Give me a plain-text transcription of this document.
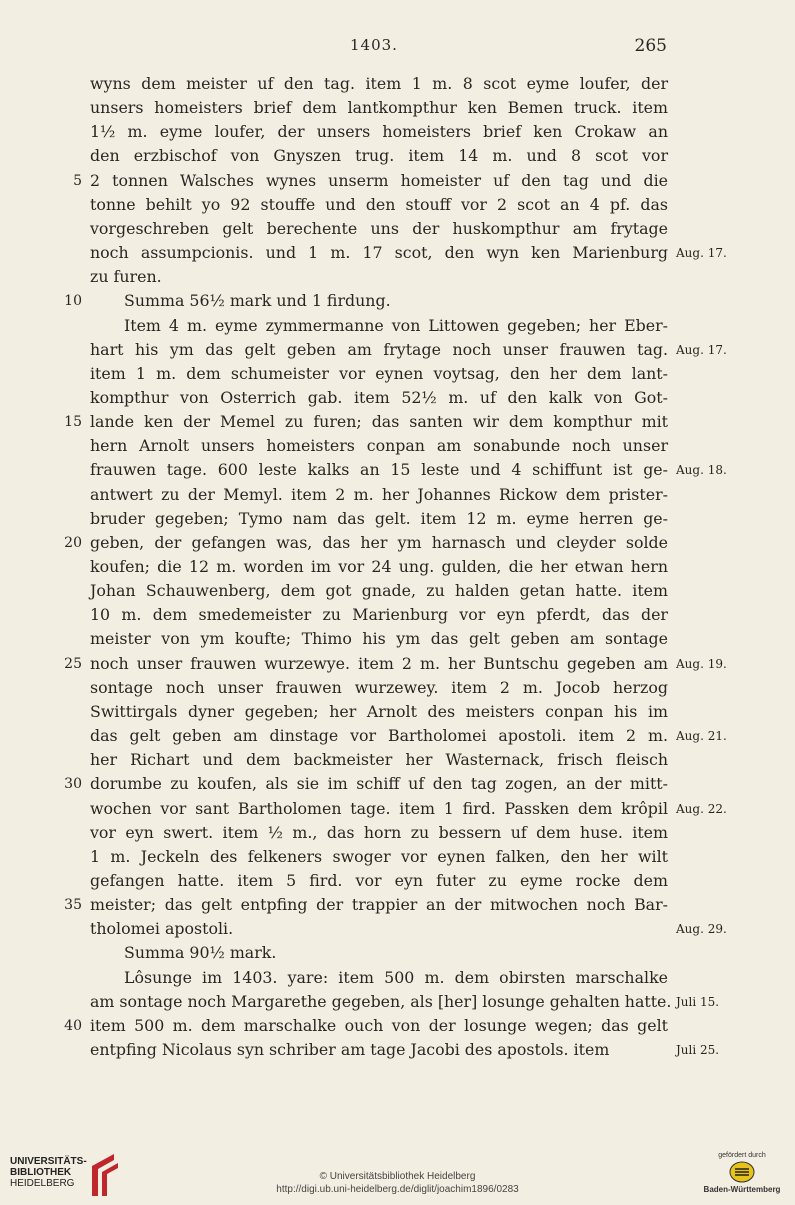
1403.	265
wyns dem meister uf den tag. item 1 m. 8 scot eyme loufer, der
unsers homeisters brief dem lantkompthur ken Bemen truck. item
1½ m. eyme loufer, der unsers homeisters brief ken Crokaw an
den erzbischof von Gnyszen trug. item 14 m. und 8 scot vor
2 tonnen Walsches wynes unserm homeister uf den tag und die
5
tonne behilt yo 92 stouffe und den stouff vor 2 scot an 4 pf. das
vorgeschreben gelt berechente uns der huskompthur am frytage
noch assumpcionis. und 1 m. 17 scot, den wyn ken Marienburg Aug. 17.
zu furen.
Summa 56½ mark und 1 firdung.
10
Item 4 m. eyme zymmermanne von Littowen gegeben; her Eber-
hart his ym das gelt geben am frytage noch unser frauwen tag. Aug. 17.
item 1 m. dem schumeister vor eynen voytsag, den her dem lant-
kompthur von Osterrich gab. item 52½ m. uf den kalk von Got-
lande ken der Memel zu furen; das santen wir dem kompthur mit
15
hern Arnolt unsers homeisters conpan am sonabunde noch unser
frauwen tage. 600 leste kalks an 15 leste und 4 schiffunt ist ge- Aug. 18.
antwert zu der Memyl. item 2 m. her Johannes Rickow dem prister-
bruder gegeben; Tymo nam das gelt. item 12 m. eyme herren ge-
geben, der gefangen was, das her ym harnasch und cleyder solde
20
koufen; die 12 m. worden im vor 24 ung. gulden, die her etwan hern
Johan Schauwenberg, dem got gnade, zu halden getan hatte. item
10 m. dem smedemeister zu Marienburg vor eyn pferdt, das der
meister von ym koufte; Thimo his ym das gelt geben am sontage
noch unser frauwen wurzewye. item 2 m. her Buntschu gegeben am
25	Aug. 19.
sontage noch unser frauwen wurzewey. item 2 m. Jocob herzog
Swittirgals dyner gegeben; her Arnolt des meisters conpan his im
das gelt geben am dinstage vor Bartholomei apostoli. item 2 m. Aug. 21.
her Richart und dem backmeister her Wasternack, frisch fleisch
dorumbe zu koufen, als sie im schiff uf den tag zogen, an der mitt-
30
wochen vor sant Bartholomen tage. item 1 fird. Passken dem krôpil Aug. 22.
vor eyn swert. item ½ m., das horn zu bessern uf dem huse. item
1 m. Jeckeln des felkeners swoger vor eynen falken, den her wilt
gefangen hatte. item 5 fird. vor eyn futer zu eyme rocke dem
meister; das gelt entpfing der trappier an der mitwochen noch Bar-
35
tholomei apostoli.	Aug. 29.
Summa 90½ mark.
Lôsunge im 1403. yare: item 500 m. dem obirsten marschalke
am sontage noch Margarethe gegeben, als [her] losunge gehalten hatte. Juli 15.
item 500 m. dem marschalke ouch von der losunge wegen; das gelt
40
entpfing Nicolaus syn schriber am tage Jacobi des apostols. item	Juli 25.
UNIVERSITÄTS-
BIBLIOTHEK
HEIDELBERG
© Universitätsbibliothek Heidelberg
http://digi.ub.uni-heidelberg.de/diglit/joachim1896/0283
gefördert durch
Baden-Württemberg
